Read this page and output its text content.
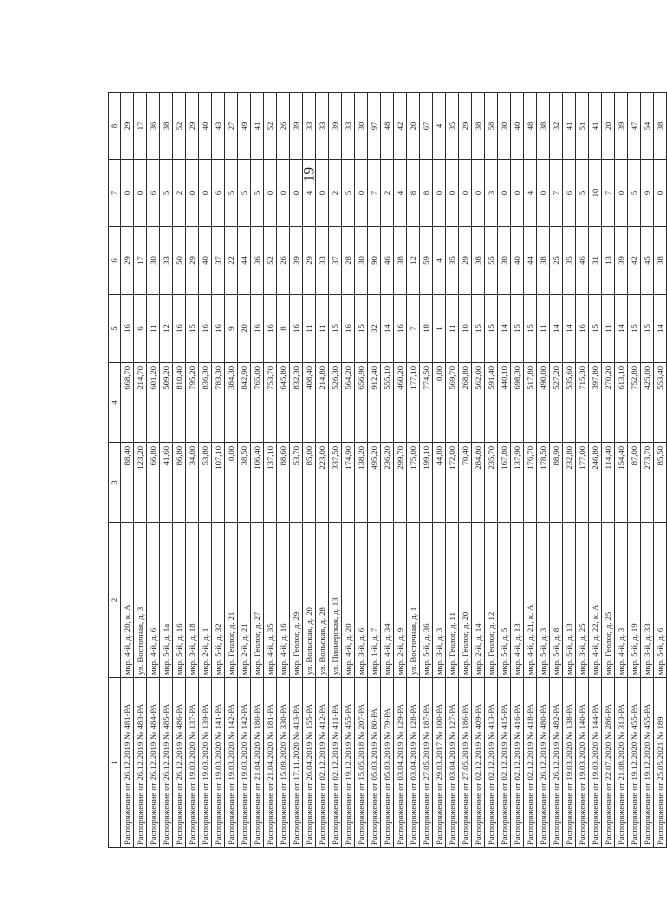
19
1	2	3	4	5	6	7	8
Распоряжение от 26.12.2019 № 481-РА	мкр. 4-й, д. 20, к. А	88,40	668,70	16	29	0	29
Распоряжение от 26.12.2019 № 483-РА	ул. Восточная, д. 3	123,20	214,70	6	17	0	17
Распоряжение от 26.12.2019 № 484-РА	мкр. 4-й, д. 6	66,80	601,20	11	30	6	36
Распоряжение от 26.12.2019 № 485-РА	мкр. 5-й, д. 1а	41,60	509,20	12	33	5	38
Распоряжение от 26.12.2019 № 486-РА	мкр. 5-й, д. 16	86,80	810,40	16	50	2	52
Распоряжение от 19.03.2020 № 137-РА	мкр. 3-й, д. 18	34,00	795,20	15	29	0	29
Распоряжение от 19.03.2020 № 139-РА	мкр. 2-й, д. 1	53,80	836,30	16	40	0	40
Распоряжение от 19.03.2020 № 141-РА	мкр. 5-й, д. 32	107,10	783,30	16	37	6	43
Распоряжение от 19.03.2020 № 142-РА	мкр. Геолог, д. 21	0,00	384,30	9	22	5	27
Распоряжение от 19.03.2020 № 142-РА	мкр. 2-й, д. 21	38,50	842,90	20	44	5	49
Распоряжение от 21.04.2020 № 180-РА	мкр. Геолог, д. 27	106,40	765,00	16	36	5	41
Распоряжение от 21.04.2020 № 181-РА	мкр. 4-й, д. 35	137,10	753,70	16	52	0	52
Распоряжение от 15.09.2020 № 330-РА	мкр. 4-й, д. 16	88,60	645,80	8	26	0	26
Распоряжение от 17.11.2020 № 413-РА	мкр. Геолог, д. 29	53,70	832,30	16	39	0	39
Распоряжение от 26.04.2019 № 155-РА	ул. Вольская, д. 20	85,00	408,40	11	29	4	33
Распоряжение от 02.12.2019 № 412-РА	ул. Вольская, д. 28	223,00	214,80	11	33	0	33
Распоряжение от 02.12.2019 № 411-РА	ул. Пионерская, д. 13	337,50	526,30	15	37	2	39
Распоряжение от 19.12.2019 № 455-РА	мкр. 4-й, д. 20	174,90	564,20	16	28	5	33
Распоряжение от 15.05.2018 № 207-РА	мкр. 3-й, д. 6	138,20	656,90	15	30	0	30
Распоряжение от 05.03.2019 № 80-РА	мкр. 1-й, д. 7	495,20	912,40	32	90	7	97
Распоряжение от 05.03.2019 № 79-РА	мкр. 4-й, д. 34	236,20	555,10	14	46	2	48
Распоряжение от 03.04.2019 № 129-РА	мкр. 2-й, д. 9	299,70	460,20	16	38	4	42
Распоряжение от 03.04.2019 № 128-РА	ул. Восточная, д. 1	175,00	177,10	7	12	8	20
Распоряжение от 27.05.2019 № 187-РА	мкр. 5-й, д. 36	199,10	774,50	18	59	8	67
Распоряжение от 29.03.2017 № 100-РА	мкр. 3-й, д. 3	44,80	0,00	1	4	0	4
Распоряжение от 03.04.2019 № 127-РА	мкр. Геолог, д. 11	172,00	569,70	11	35	0	35
Распоряжение от 27.05.2019 № 186-РА	мкр. Геолог, д. 20	70,40	268,80	10	29	0	29
Распоряжение от 02.12.2019 № 409-РА	мкр. 2-й, д. 14	284,80	562,00	15	38	0	38
Распоряжение от 02.12.2019 № 413-РА	мкр. Геолог, д. 12	235,70	591,40	15	55	3	58
Распоряжение от 02.12.2019 № 415-РА	мкр. 5-й, д. 5	167,80	440,10	14	30	0	30
Распоряжение от 02.12.2019 № 416-РА	мкр. 4-й, д. 13	137,90	698,30	15	40	0	40
Распоряжение от 02.12.2019 № 418-РА	мкр. 4-й, д. 21, к. А	176,70	517,80	15	44	4	48
Распоряжение от 26.12.2019 № 480-РА	мкр. 5-й, д. 3	178,50	490,00	11	38	0	38
Распоряжение от 26.12.2019 № 482-РА	мкр. 5-й, д. 8	88,90	527,20	14	25	7	32
Распоряжение от 19.03.2020 № 138-РА	мкр. 5-й, д. 13	232,80	535,60	14	35	6	41
Распоряжение от 19.03.2020 № 140-РА	мкр. 3-й, д. 25	177,00	715,30	16	46	5	51
Распоряжение от 19.03.2020 № 144-РА	мкр. 4-й, д. 22, к. А	246,80	397,80	15	31	10	41
Распоряжение от 22.07.2020 № 286-РА	мкр. Геолог, д. 25	114,40	270,20	11	13	7	20
Распоряжение от 21.08.2020 № 313-РА	мкр. 4-й, д. 3	154,40	613,10	14	39	0	39
Распоряжение от 19.12.2020 № 455-РА	мкр. 5-й, д. 19	87,00	752,80	15	42	5	47
Распоряжение от 19.12.2020 № 455-РА	мкр. 3-й, д. 33	273,70	425,00	15	45	9	54
Распоряжение от 25.05.2021 № 189	мкр. 5-й, д. 6	85,50	553,40	14	38	0	38
